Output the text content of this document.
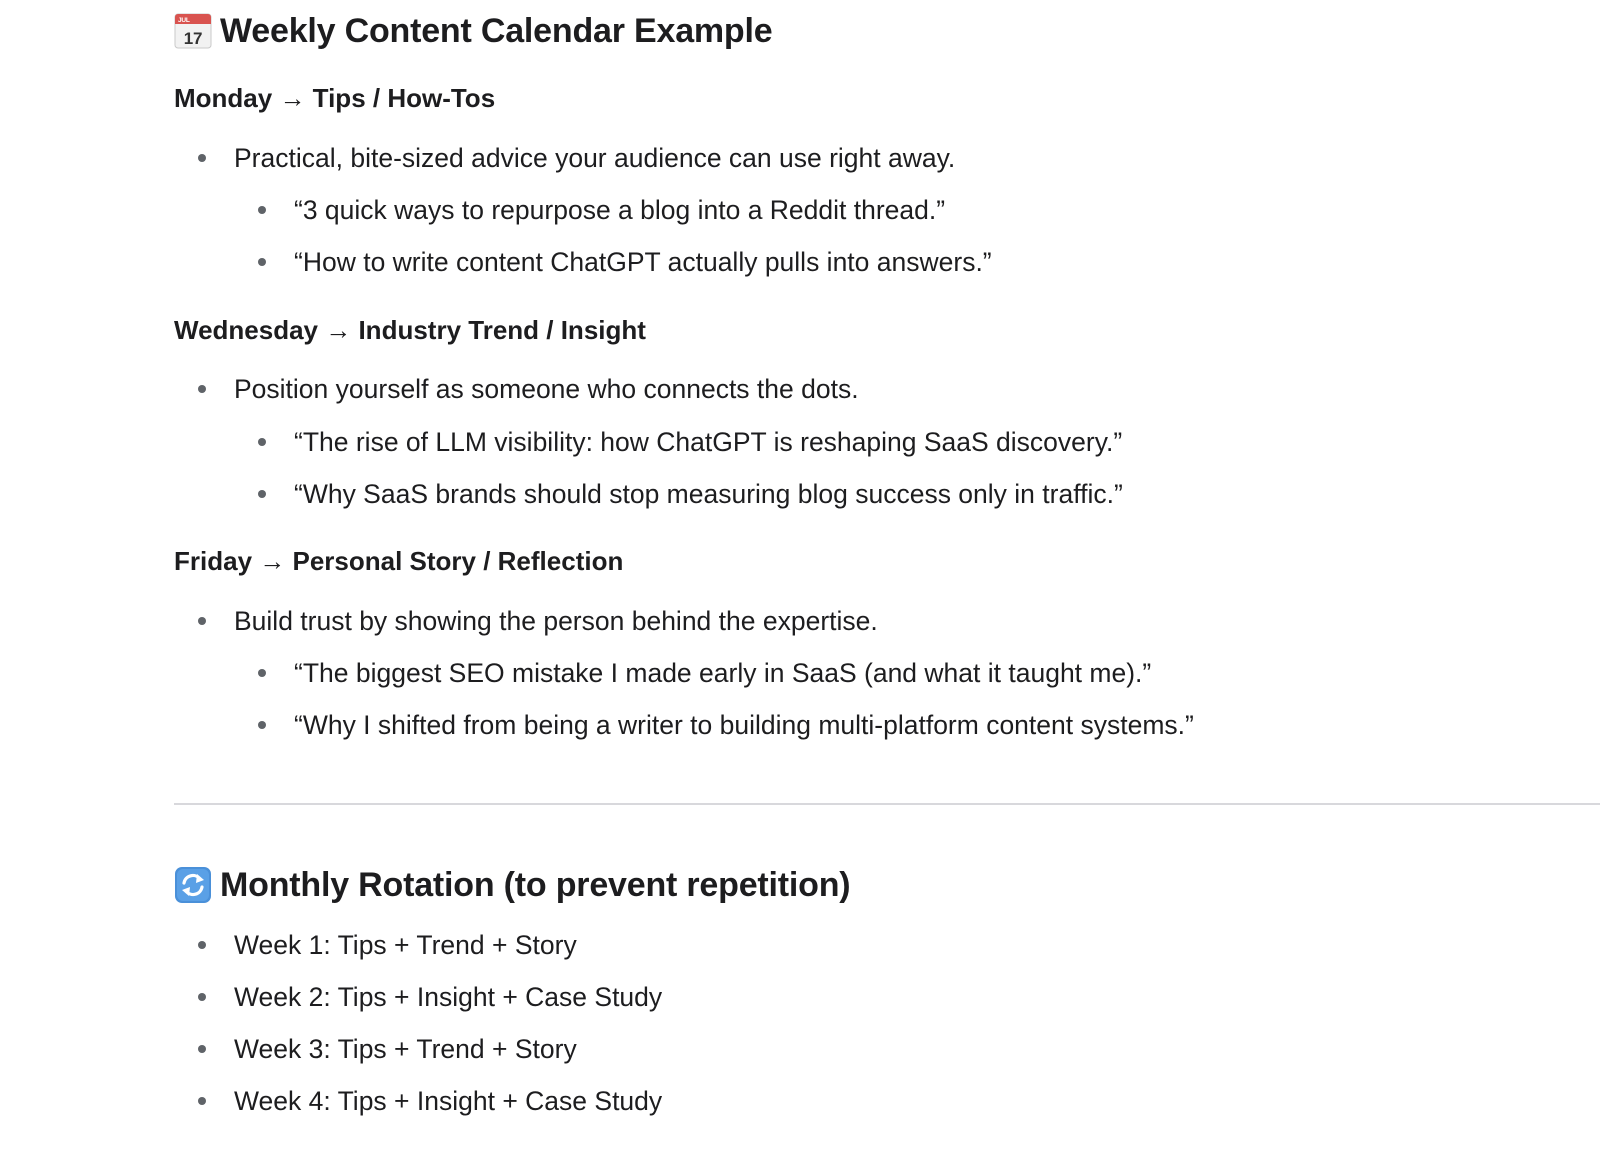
JUL
17 Weekly Content Calendar Example
Monday → Tips / How-Tos
Practical, bite-sized advice your audience can use right away.
“3 quick ways to repurpose a blog into a Reddit thread.”
“How to write content ChatGPT actually pulls into answers.”
Wednesday → Industry Trend / Insight
Position yourself as someone who connects the dots.
“The rise of LLM visibility: how ChatGPT is reshaping SaaS discovery.”
“Why SaaS brands should stop measuring blog success only in traffic.”
Friday → Personal Story / Reflection
Build trust by showing the person behind the expertise.
“The biggest SEO mistake I made early in SaaS (and what it taught me).”
“Why I shifted from being a writer to building multi-platform content systems.”
Monthly Rotation (to prevent repetition)
Week 1: Tips + Trend + Story
Week 2: Tips + Insight + Case Study
Week 3: Tips + Trend + Story
Week 4: Tips + Insight + Case Study
